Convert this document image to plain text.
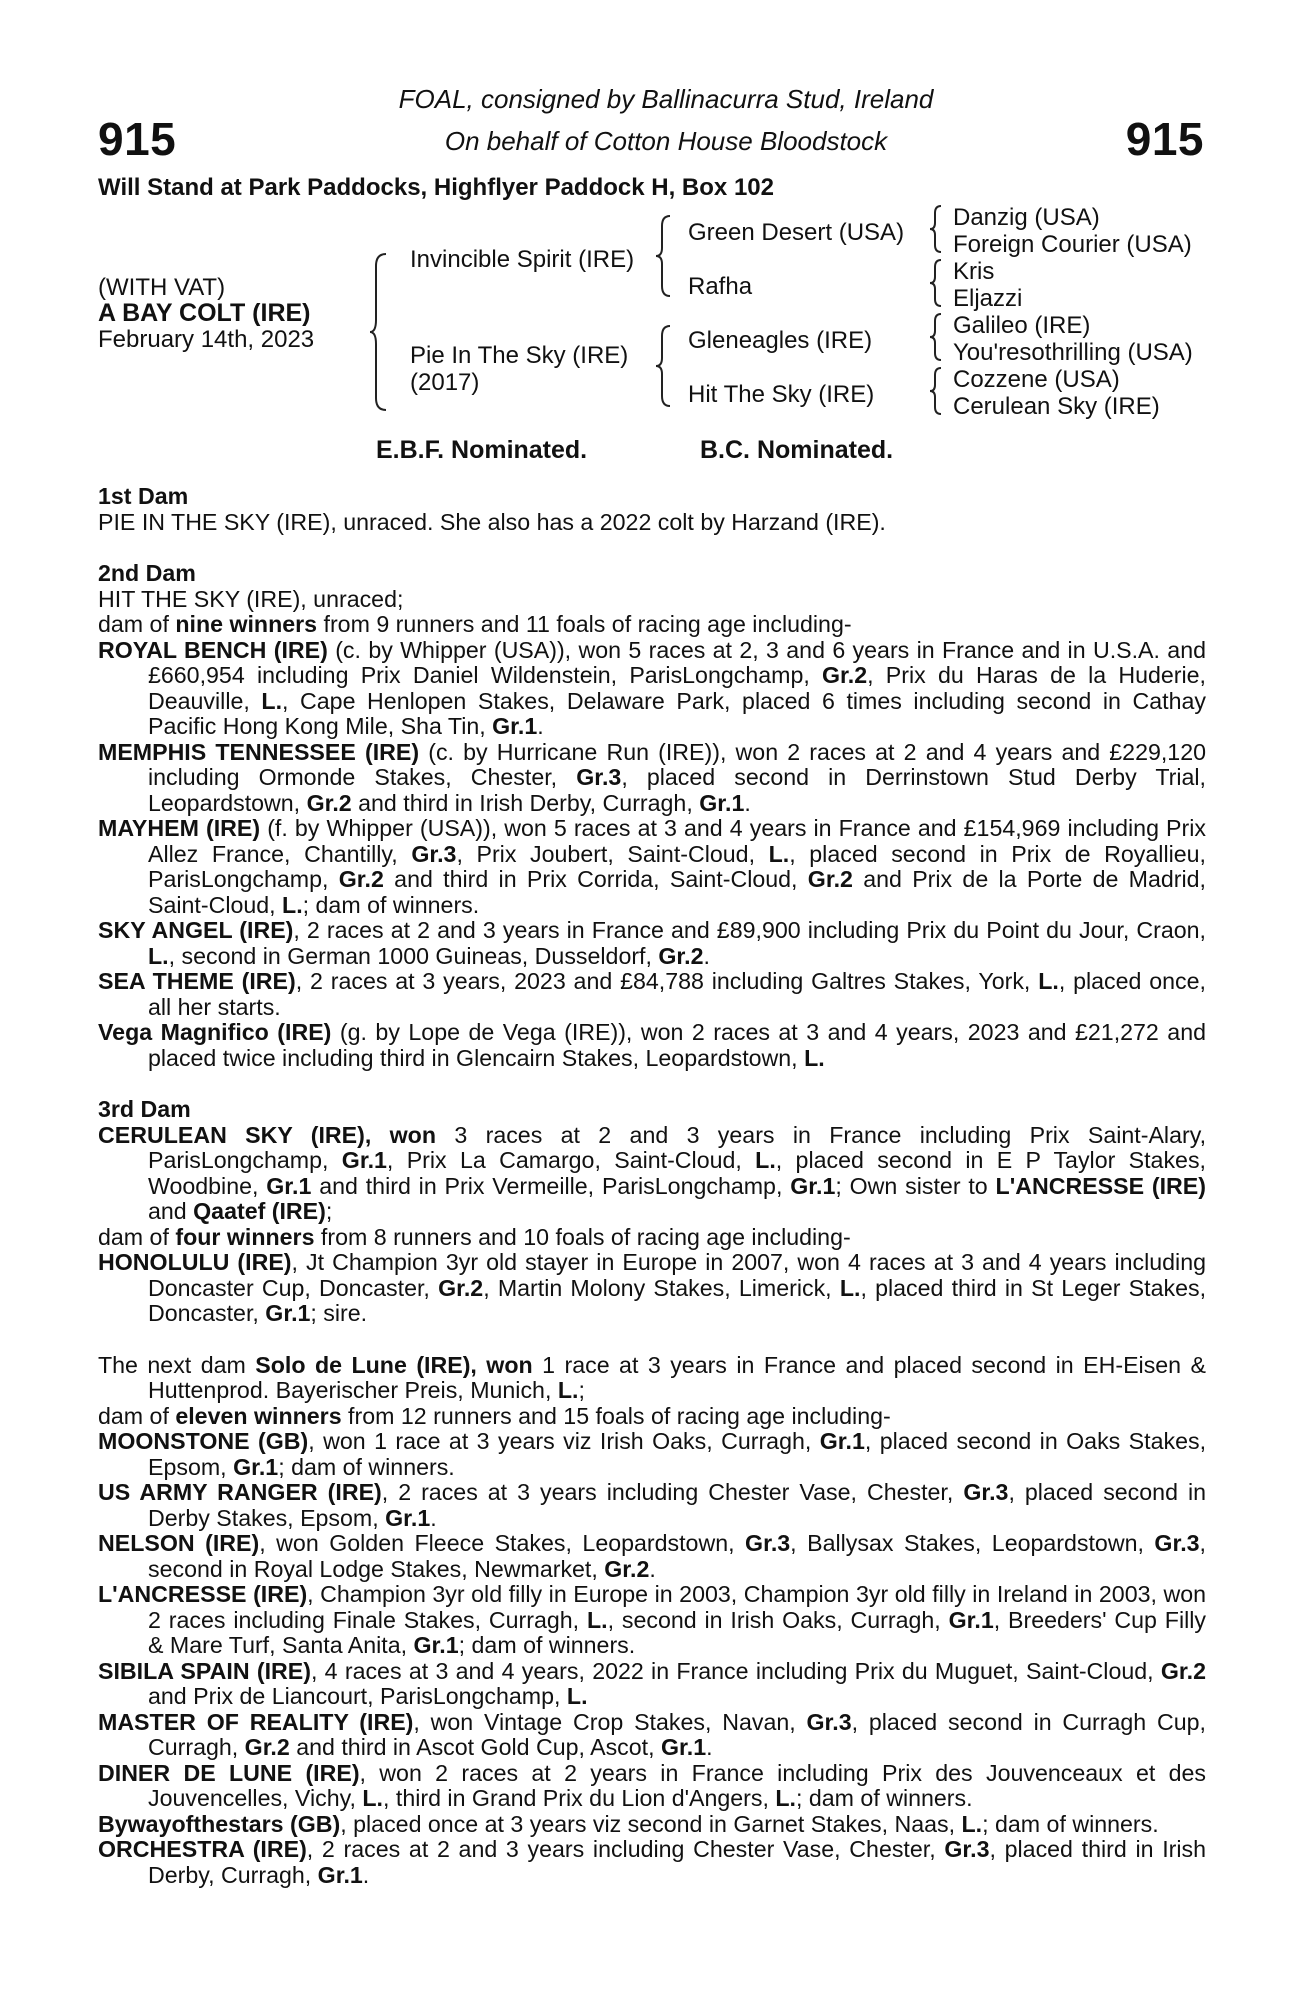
915	915
FOAL, consigned by Ballinacurra Stud, Ireland
On behalf of Cotton House Bloodstock
Will Stand at Park Paddocks, Highflyer Paddock H, Box 102
(WITH VAT)
A BAY COLT (IRE)
February 14th, 2023
Invincible Spirit (IRE)
Pie In The Sky (IRE)
(2017)
Green Desert (USA)
Rafha
Gleneagles (IRE)
Hit The Sky (IRE)
Danzig (USA)
Foreign Courier (USA)
Kris
Eljazzi
Galileo (IRE)
You'resothrilling (USA)
Cozzene (USA)
Cerulean Sky (IRE)
E.B.F. Nominated.	B.C. Nominated.
1st Dam

PIE IN THE SKY (IRE), unraced. She also has a 2022 colt by Harzand (IRE).

2nd Dam

HIT THE SKY (IRE), unraced;

dam of nine winners from 9 runners and 11 foals of racing age including-

ROYAL BENCH (IRE) (c. by Whipper (USA)), won 5 races at 2, 3 and 6 years in France and in U.S.A. and £660,954 including Prix Daniel Wildenstein, ParisLongchamp, Gr.2, Prix du Haras de la Huderie, Deauville, L., Cape Henlopen Stakes, Delaware Park, placed 6 times including second in Cathay Pacific Hong Kong Mile, Sha Tin, Gr.1.

MEMPHIS TENNESSEE (IRE) (c. by Hurricane Run (IRE)), won 2 races at 2 and 4 years and £229,120 including Ormonde Stakes, Chester, Gr.3, placed second in Derrinstown Stud Derby Trial, Leopardstown, Gr.2 and third in Irish Derby, Curragh, Gr.1.

MAYHEM (IRE) (f. by Whipper (USA)), won 5 races at 3 and 4 years in France and £154,969 including Prix Allez France, Chantilly, Gr.3, Prix Joubert, Saint-Cloud, L., placed second in Prix de Royallieu, ParisLongchamp, Gr.2 and third in Prix Corrida, Saint-Cloud, Gr.2 and Prix de la Porte de Madrid, Saint-Cloud, L.; dam of winners.

SKY ANGEL (IRE), 2 races at 2 and 3 years in France and £89,900 including Prix du Point du Jour, Craon, L., second in German 1000 Guineas, Dusseldorf, Gr.2.

SEA THEME (IRE), 2 races at 3 years, 2023 and £84,788 including Galtres Stakes, York, L., placed once, all her starts.

Vega Magnifico (IRE) (g. by Lope de Vega (IRE)), won 2 races at 3 and 4 years, 2023 and £21,272 and placed twice including third in Glencairn Stakes, Leopardstown, L.

3rd Dam

CERULEAN SKY (IRE), won 3 races at 2 and 3 years in France including Prix Saint-Alary, ParisLongchamp, Gr.1, Prix La Camargo, Saint-Cloud, L., placed second in E P Taylor Stakes, Woodbine, Gr.1 and third in Prix Vermeille, ParisLongchamp, Gr.1; Own sister to L'ANCRESSE (IRE) and Qaatef (IRE);

dam of four winners from 8 runners and 10 foals of racing age including-

HONOLULU (IRE), Jt Champion 3yr old stayer in Europe in 2007, won 4 races at 3 and 4 years including Doncaster Cup, Doncaster, Gr.2, Martin Molony Stakes, Limerick, L., placed third in St Leger Stakes, Doncaster, Gr.1; sire.

The next dam Solo de Lune (IRE), won 1 race at 3 years in France and placed second in EH-Eisen & Huttenprod. Bayerischer Preis, Munich, L.;

dam of eleven winners from 12 runners and 15 foals of racing age including-

MOONSTONE (GB), won 1 race at 3 years viz Irish Oaks, Curragh, Gr.1, placed second in Oaks Stakes, Epsom, Gr.1; dam of winners.

US ARMY RANGER (IRE), 2 races at 3 years including Chester Vase, Chester, Gr.3, placed second in Derby Stakes, Epsom, Gr.1.

NELSON (IRE), won Golden Fleece Stakes, Leopardstown, Gr.3, Ballysax Stakes, Leopardstown, Gr.3, second in Royal Lodge Stakes, Newmarket, Gr.2.

L'ANCRESSE (IRE), Champion 3yr old filly in Europe in 2003, Champion 3yr old filly in Ireland in 2003, won 2 races including Finale Stakes, Curragh, L., second in Irish Oaks, Curragh, Gr.1, Breeders' Cup Filly & Mare Turf, Santa Anita, Gr.1; dam of winners.

SIBILA SPAIN (IRE), 4 races at 3 and 4 years, 2022 in France including Prix du Muguet, Saint-Cloud, Gr.2 and Prix de Liancourt, ParisLongchamp, L.

MASTER OF REALITY (IRE), won Vintage Crop Stakes, Navan, Gr.3, placed second in Curragh Cup, Curragh, Gr.2 and third in Ascot Gold Cup, Ascot, Gr.1.

DINER DE LUNE (IRE), won 2 races at 2 years in France including Prix des Jouvenceaux et des Jouvencelles, Vichy, L., third in Grand Prix du Lion d'Angers, L.; dam of winners.

Bywayofthestars (GB), placed once at 3 years viz second in Garnet Stakes, Naas, L.; dam of winners.

ORCHESTRA (IRE), 2 races at 2 and 3 years including Chester Vase, Chester, Gr.3, placed third in Irish Derby, Curragh, Gr.1.
